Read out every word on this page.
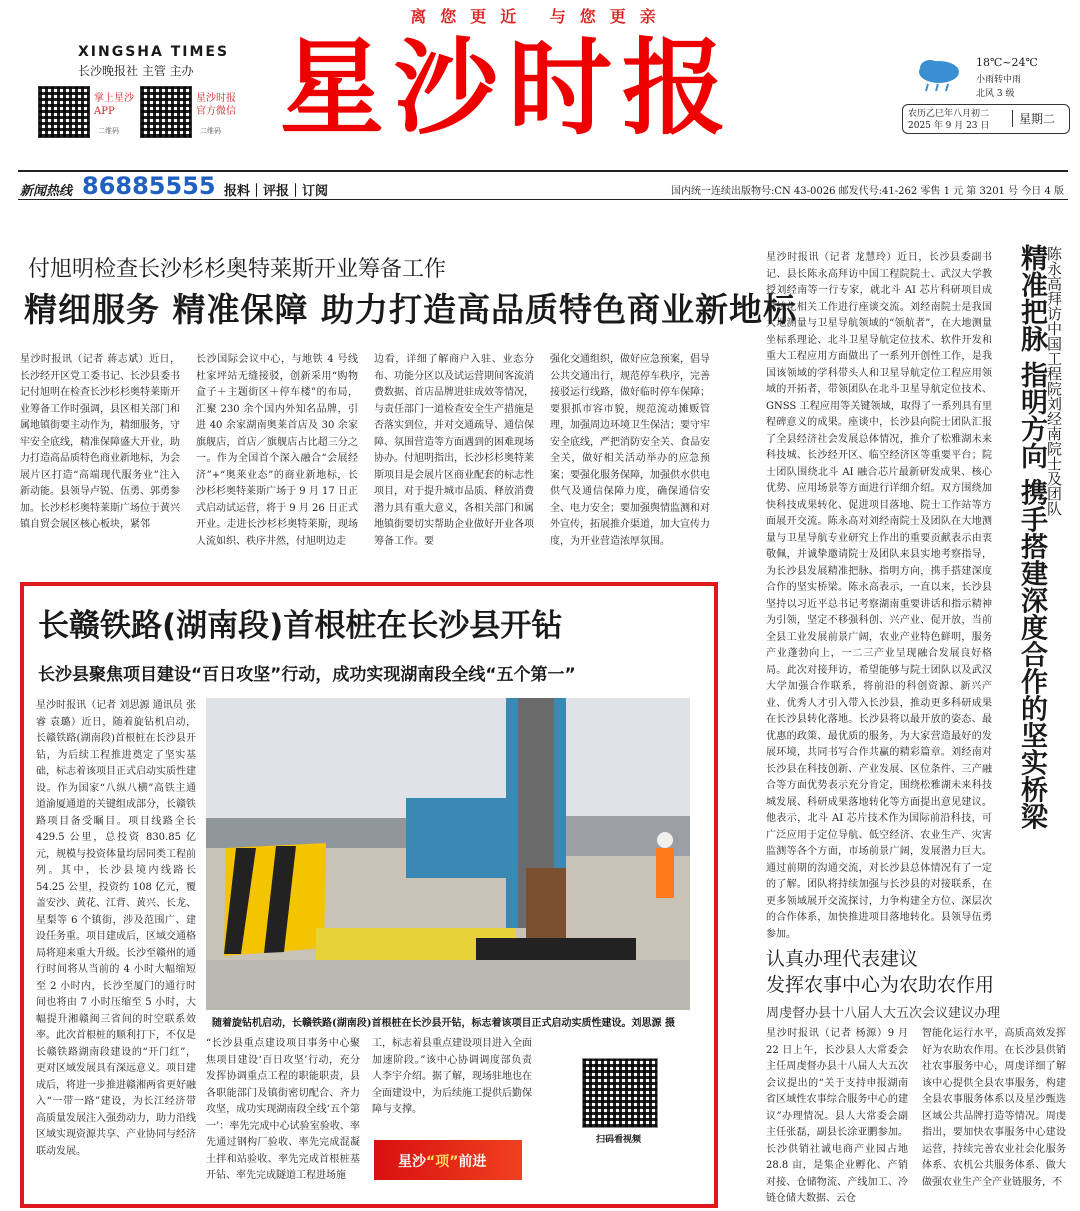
离您更近 与您更亲
XINGSHA TIMES
长沙晚报社 主管 主办
掌上星沙
APP
二维码
星沙时报
官方微信
二维码 星沙时报	18℃~24℃
小雨转中雨
北风 3 级
农历乙巳年八月初二
2025 年 9 月 23 日	星期二
新闻热线 86885555 报料｜评报｜订阅	国内统一连续出版物号:CN 43-0026 邮发代号:41-262 零售 1 元 第 3201 号 今日 4 版
付旭明检查长沙杉杉奥特莱斯开业筹备工作
精细服务 精准保障 助力打造高品质特色商业新地标
星沙时报讯（记者 蒋志斌）近日，长沙经开区党工委书记、长沙县委书记付旭明在检查长沙杉杉奥特莱斯开业筹备工作时强调，县区相关部门和属地镇街要主动作为，精细服务，守牢安全底线，精准保障盛大开业，助力打造高品质特色商业新地标，为会展片区打造“高端现代服务业”注入新动能。县领导卢锐、伍勇、郭勇参加。长沙杉杉奥特莱斯广场位于黄兴镇自贸会展区核心板块，紧邻
长沙国际会议中心，与地铁 4 号线杜家坪站无缝接驳，创新采用“购物盒子＋主题街区＋停车楼”的布局，汇聚 230 余个国内外知名品牌，引进 40 余家湖南奥莱首店及 30 余家旗舰店，首店／旗舰店占比超三分之一。作为全国首个深入融合“会展经济”+“奥莱业态”的商业新地标，长沙杉杉奥特莱斯广场于 9 月 17 日正式启动试运营，将于 9 月 26 日正式开业。走进长沙杉杉奥特莱斯，现场人流如织、秩序井然，付旭明边走
边看，详细了解商户入驻、业态分布、功能分区以及试运营期间客流消费数据、首店品牌进驻成效等情况，与责任部门一道检查安全生产措施是否落实到位，并对交通疏导、通信保障、氛围营造等方面遇到的困难现场协办。付旭明指出，长沙杉杉奥特莱斯项目是会展片区商业配套的标志性项目，对于提升城市品质、释放消费潜力具有重大意义，各相关部门和属地镇街要切实帮助企业做好开业各项筹备工作。要
强化交通组织，做好应急预案，倡导公共交通出行，规范停车秩序，完善接驳运行线路，做好临时停车保障；要狠抓市容市貌，规范流动摊贩管理，加强周边环境卫生保洁；要守牢安全底线，严把消防安全关、食品安全关，做好相关活动举办的应急预案；要强化服务保障，加强供水供电供气及通信保障力度，确保通信安全、电力安全；要加强舆情监测和对外宣传，拓展推介渠道，加大宣传力度，为开业营造浓厚氛围。
长赣铁路(湖南段)首根桩在长沙县开钻
长沙县聚焦项目建设“百日攻坚”行动，成功实现湖南段全线“五个第一”
星沙时报讯（记者 刘思源 通讯员 张睿 袁璐）近日，随着旋钻机启动，长赣铁路(湖南段)首根桩在长沙县开钻，为后续工程推进奠定了坚实基础，标志着该项目正式启动实质性建设。作为国家“八纵八横”高铁主通道渝厦通道的关键组成部分，长赣铁路项目备受瞩目。项目线路全长 429.5 公里，总投资 830.85 亿元，规模与投资体量均居同类工程前列。其中，长沙县境内线路长 54.25 公里，投资约 108 亿元，覆盖安沙、黄花、江背、黄兴、长龙、星梨等 6 个镇街，涉及范围广、建设任务重。项目建成后，区域交通格局将迎来重大升级。长沙至赣州的通行时间将从当前的 4 小时大幅缩短至 2 小时内，长沙至厦门的通行时间也将由 7 小时压缩至 5 小时，大幅提升湘赣闽三省间的时空联系效率。此次首根桩的顺利打下，不仅是长赣铁路湖南段建设的“开门红”，更对区域发展具有深远意义。项目建成后，将进一步推进赣湘两省更好融入“一带一路”建设，为长江经济带高质量发展注入强劲动力，助力沿线区域实现资源共享、产业协同与经济联动发展。
随着旋钻机启动，长赣铁路(湖南段)首根桩在长沙县开钻，标志着该项目正式启动实质性建设。刘思源 摄
“长沙县重点建设项目事务中心聚焦项目建设‘百日攻坚’行动，充分发挥协调重点工程的职能职责，县各职能部门及镇街密切配合、齐力攻坚，成功实现湖南段全线‘五个第一’：率先完成中心试验室验收、率先通过钢构厂验收、率先完成混凝土拌和站验收、率先完成首根桩基开钻、率先完成隧道工程进场施
工，标志着县重点建设项目进入全面加速阶段。”该中心协调调度部负责人李宇介绍。据了解，现场驻地也在全面建设中，为后续施工提供后勤保障与支撑。
扫码看视频
星沙“项”前进
星沙时报讯（记者 龙慧玲）近日，长沙县委副书记、县长陈永高拜访中国工程院院士、武汉大学教授刘经南等一行专家，就北斗 AI 芯片科研项目成果转化相关工作进行座谈交流。刘经南院士是我国大地测量与卫星导航领域的“领航者”，在大地测量坐标系理论、北斗卫星导航定位技术、软件开发和重大工程应用方面做出了一系列开创性工作，是我国该领域的学科带头人和卫星导航定位工程应用领域的开拓者，带领团队在北斗卫星导航定位技术、GNSS 工程应用等关键领域，取得了一系列具有里程碑意义的成果。座谈中，长沙县向院士团队汇报了全县经济社会发展总体情况，推介了松雅湖未来科技城、长沙经开区、临空经济区等重要平台；院士团队围绕北斗 AI 融合芯片最新研发成果、核心优势、应用场景等方面进行详细介绍。双方围绕加快科技成果转化、促进项目落地、院士工作站等方面展开交流。陈永高对刘经南院士及团队在大地测量与卫星导航专业研究上作出的重要贡献表示由衷敬佩，并诚挚邀请院士及团队来县实地考察指导，为长沙县发展精准把脉、指明方向，携手搭建深度合作的坚实桥梁。陈永高表示，一直以来，长沙县坚持以习近平总书记考察湖南重要讲话和指示精神为引领，坚定不移强科创、兴产业、促开放，当前全县工业发展前景广阔，农业产业特色鲜明，服务产业蓬勃向上，一二三产业呈现融合发展良好格局。此次对接拜访，希望能够与院士团队以及武汉大学加强合作联系，将前沿的科创资源、新兴产业、优秀人才引入带入长沙县，推动更多科研成果在长沙县转化落地。长沙县将以最开放的姿态、最优惠的政策、最优质的服务，为大家营造最好的发展环境，共同书写合作共赢的精彩篇章。刘经南对长沙县在科技创新、产业发展、区位条件、三产融合等方面优势表示充分肯定，围绕松雅湖未来科技城发展、科研成果落地转化等方面提出意见建议。他表示，北斗 AI 芯片技术作为国际前沿科技，可广泛应用于定位导航、低空经济、农业生产、灾害监测等各个方面，市场前景广阔，发展潜力巨大。通过前期的沟通交流，对长沙县总体情况有了一定的了解。团队将持续加强与长沙县的对接联系，在更多领域展开交流探讨，力争构建全方位、深层次的合作体系，加快推进项目落地转化。县领导伍勇参加。
精准把脉 指明方向 携手搭建深度合作的坚实桥梁
陈永高拜访中国工程院刘经南院士及团队
认真办理代表建议
发挥农事中心为农助农作用
周虔督办县十八届人大五次会议建议办理
星沙时报讯（记者 杨源）9 月 22 日上午，长沙县人大常委会主任周虔督办县十八届人大五次会议提出的“关于支持申报湖南省区域性农事综合服务中心的建议”办理情况。县人大常委会副主任张磊，副县长涂亚鹏参加。长沙供销社诚电商产业园占地 28.8 亩，是集企业孵化、产销对接、仓储物流、产线加工、冷链仓储大数据、云仓
智能化运行水平，高质高效发挥好为农助农作用。在长沙县供销社农事服务中心，周虔详细了解该中心提供全县农事服务，构建全县农事服务体系以及星沙甄选区域公共品牌打造等情况。周虔指出，要加快农事服务中心建设运营，持续完善农业社会化服务体系、农机公共服务体系、做大做强农业生产全产业链服务，不
